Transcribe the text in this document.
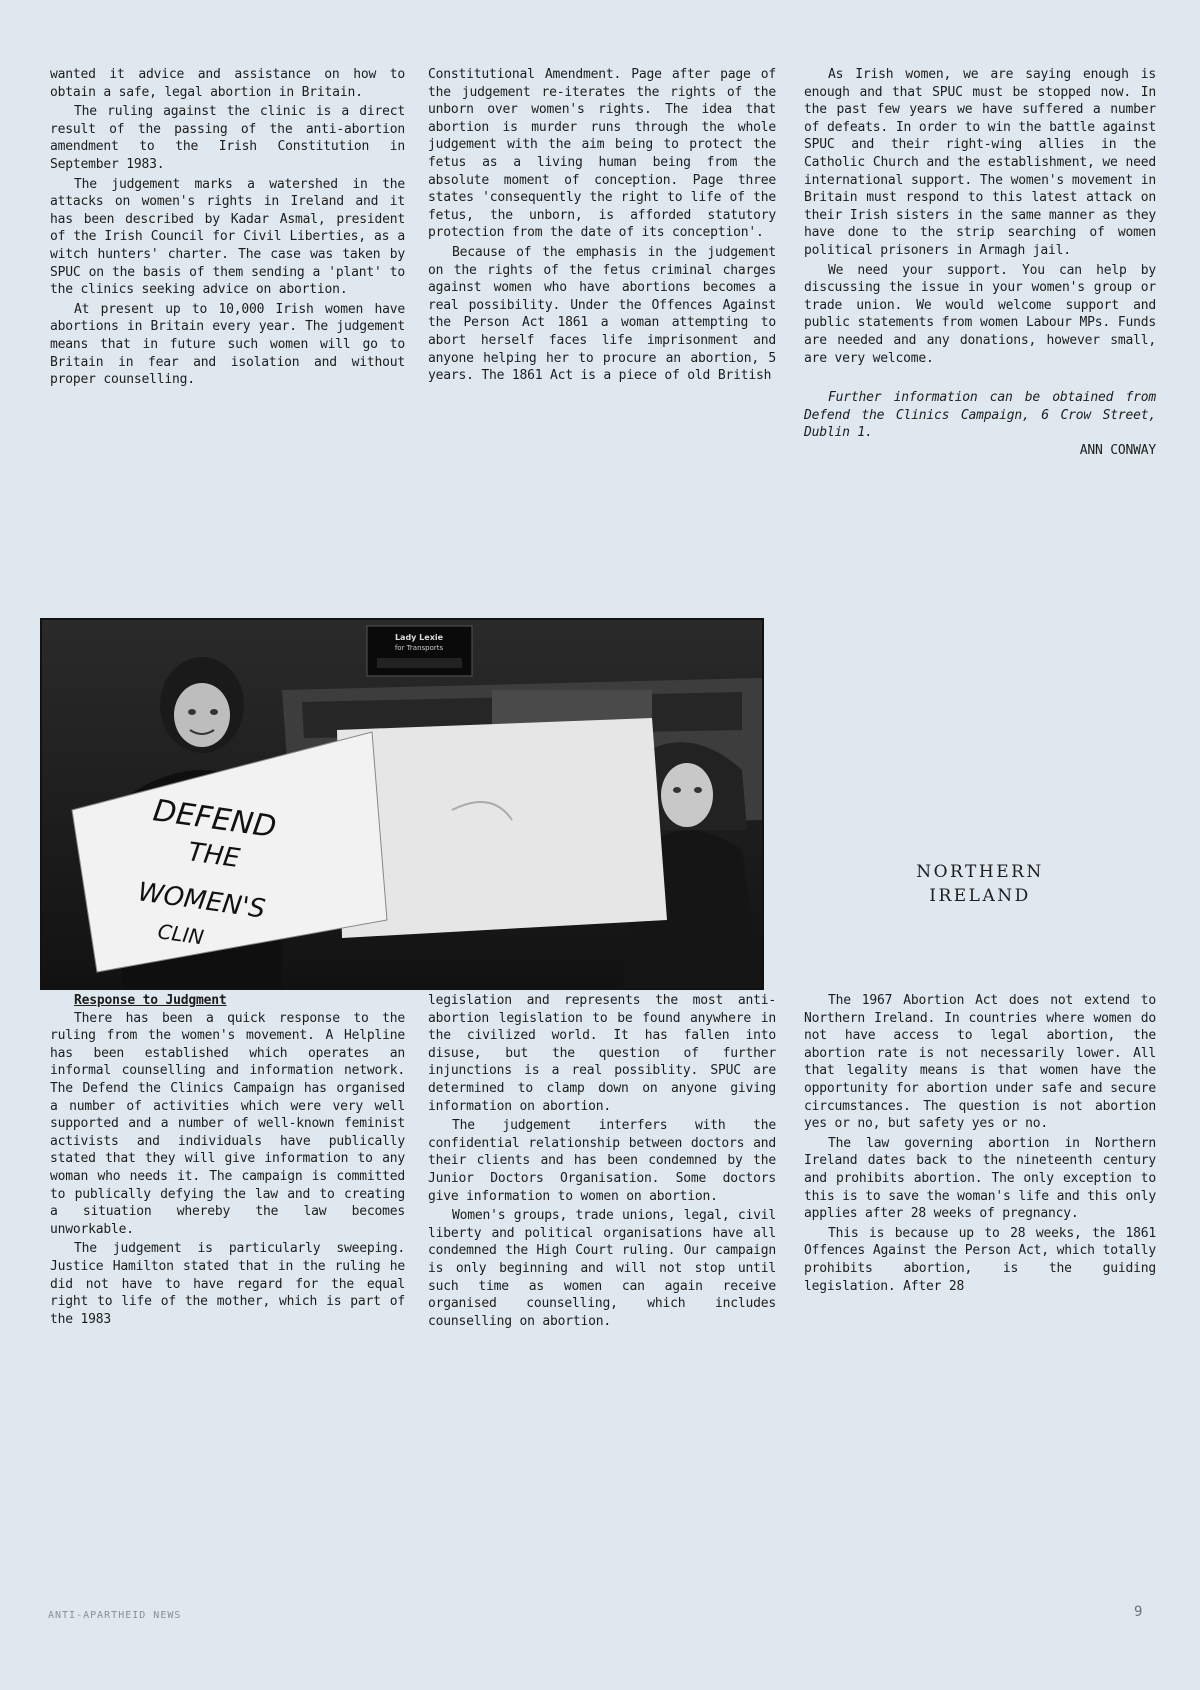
wanted it advice and assistance on how to obtain a safe, legal abortion in Britain.

The ruling against the clinic is a direct result of the passing of the anti-abortion amendment to the Irish Constitution in September 1983.

The judgement marks a watershed in the attacks on women's rights in Ireland and it has been described by Kadar Asmal, president of the Irish Council for Civil Liberties, as a witch hunters' charter. The case was taken by SPUC on the basis of them sending a 'plant' to the clinics seeking advice on abortion.

At present up to 10,000 Irish women have abortions in Britain every year. The judgement means that in future such women will go to Britain in fear and isolation and without proper counselling.

Constitutional Amendment. Page after page of the judgement re-iterates the rights of the unborn over women's rights. The idea that abortion is murder runs through the whole judgement with the aim being to protect the fetus as a living human being from the absolute moment of conception. Page three states 'consequently the right to life of the fetus, the unborn, is afforded statutory protection from the date of its conception'.

Because of the emphasis in the judgement on the rights of the fetus criminal charges against women who have abortions becomes a real possibility. Under the Offences Against the Person Act 1861 a woman attempting to abort herself faces life imprisonment and anyone helping her to procure an abortion, 5 years. The 1861 Act is a piece of old British

As Irish women, we are saying enough is enough and that SPUC must be stopped now. In the past few years we have suffered a number of defeats. In order to win the battle against SPUC and their right-wing allies in the Catholic Church and the establishment, we need international support. The women's movement in Britain must respond to this latest attack on their Irish sisters in the same manner as they have done to the strip searching of women political prisoners in Armagh jail.

We need your support. You can help by discussing the issue in your women's group or trade union. We would welcome support and public statements from women Labour MPs. Funds are needed and any donations, however small, are very welcome.

Further information can be obtained from Defend the Clinics Campaign, 6 Crow Street, Dublin 1.

ANN CONWAY

Lady Lexie
for Transports
DEFEND
THE
WOMEN'S
CLIN
NORTHERN
IRELAND

Response to Judgment

There has been a quick response to the ruling from the women's movement. A Helpline has been established which operates an informal counselling and information network. The Defend the Clinics Campaign has organised a number of activities which were very well supported and a number of well-known feminist activists and individuals have publically stated that they will give information to any woman who needs it. The campaign is committed to publically defying the law and to creating a situation whereby the law becomes unworkable.

The judgement is particularly sweeping. Justice Hamilton stated that in the ruling he did not have to have regard for the equal right to life of the mother, which is part of the 1983

legislation and represents the most anti-abortion legislation to be found anywhere in the civilized world. It has fallen into disuse, but the question of further injunctions is a real possiblity. SPUC are determined to clamp down on anyone giving information on abortion.

The judgement interfers with the confidential relationship between doctors and their clients and has been condemned by the Junior Doctors Organisation. Some doctors give information to women on abortion.

Women's groups, trade unions, legal, civil liberty and political organisations have all condemned the High Court ruling. Our campaign is only beginning and will not stop until such time as women can again receive organised counselling, which includes counselling on abortion.

The 1967 Abortion Act does not extend to Northern Ireland. In countries where women do not have access to legal abortion, the abortion rate is not necessarily lower. All that legality means is that women have the opportunity for abortion under safe and secure circumstances. The question is not abortion yes or no, but safety yes or no.

The law governing abortion in Northern Ireland dates back to the nineteenth century and prohibits abortion. The only exception to this is to save the woman's life and this only applies after 28 weeks of pregnancy.

This is because up to 28 weeks, the 1861 Offences Against the Person Act, which totally prohibits abortion, is the guiding legislation. After 28

ANTI-APARTHEID NEWS	9
